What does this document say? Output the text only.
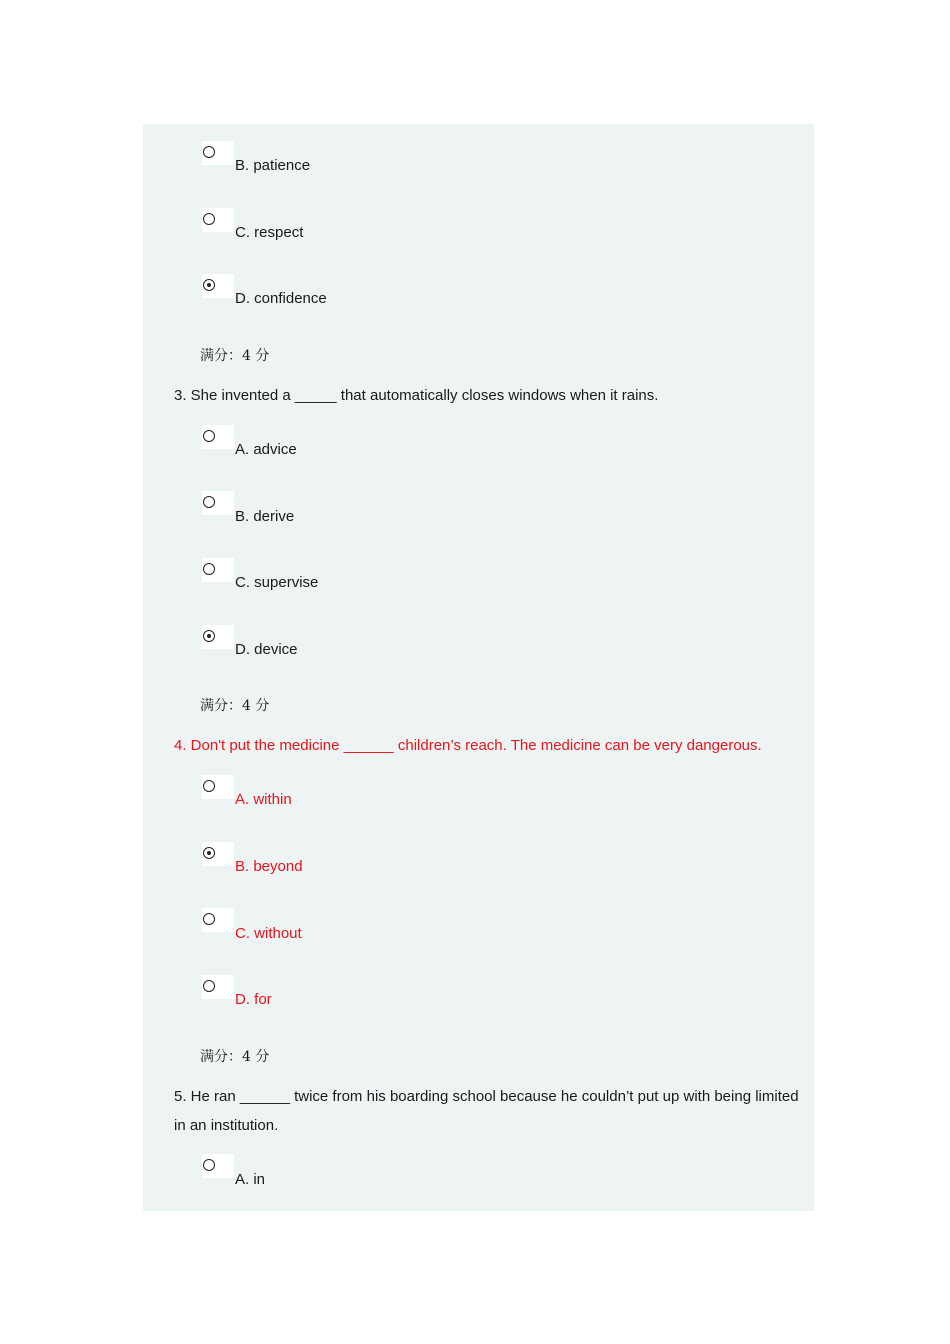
B. patience
C. respect
D. confidence
满分：4 分
3. She invented a _____ that automatically closes windows when it rains.
A. advice
B. derive
C. supervise
D. device
满分：4 分
4. Don't put the medicine ______ children’s reach. The medicine can be very dangerous.
A. within
B. beyond
C. without
D. for
满分：4 分
5. He ran ______ twice from his boarding school because he couldn’t put up with being limited
in an institution.
A. in
